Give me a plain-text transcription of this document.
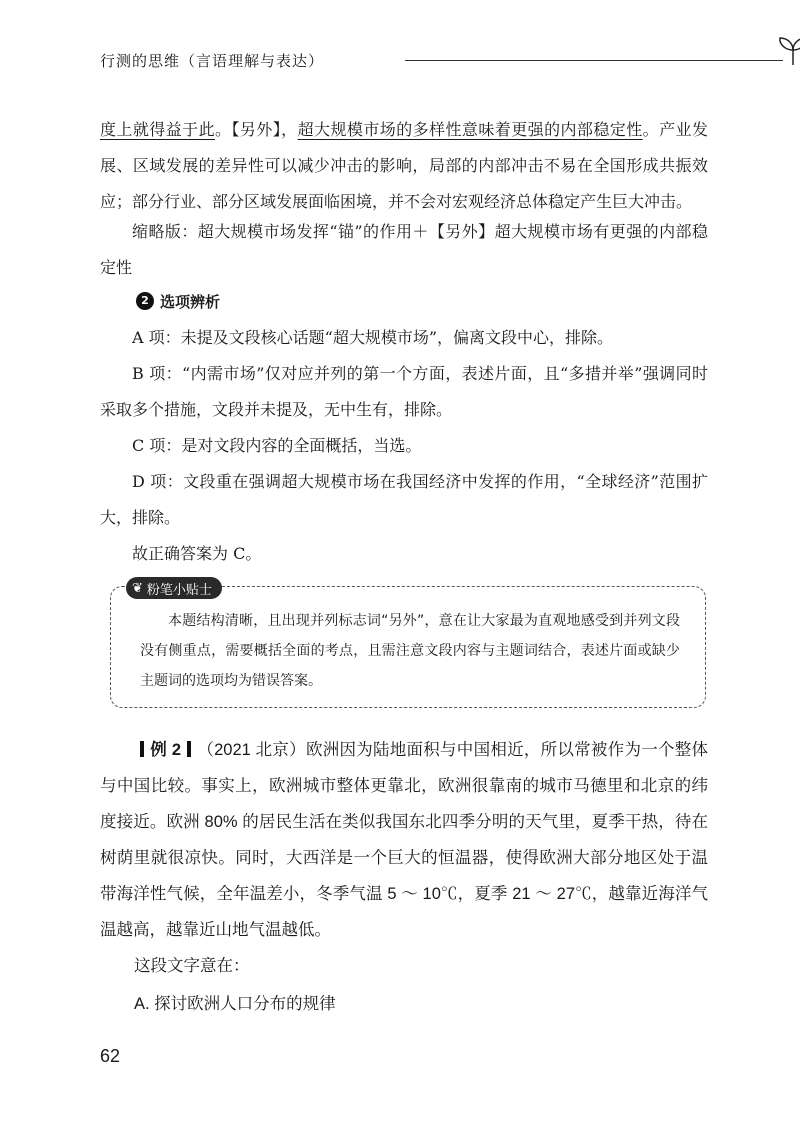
行测的思维（言语理解与表达）
度上就得益于此。【另外】，超大规模市场的多样性意味着更强的内部稳定性。产业发展、区域发展的差异性可以减少冲击的影响，局部的内部冲击不易在全国形成共振效应；部分行业、部分区域发展面临困境，并不会对宏观经济总体稳定产生巨大冲击。
缩略版：超大规模市场发挥“锚”的作用＋【另外】超大规模市场有更强的内部稳定性
2 选项辨析
A 项：未提及文段核心话题“超大规模市场”，偏离文段中心，排除。
B 项：“内需市场”仅对应并列的第一个方面，表述片面，且“多措并举”强调同时采取多个措施，文段并未提及，无中生有，排除。
C 项：是对文段内容的全面概括，当选。
D 项：文段重在强调超大规模市场在我国经济中发挥的作用，“全球经济”范围扩大，排除。
故正确答案为 C。
❦ 粉笔小贴士
本题结构清晰，且出现并列标志词“另外”，意在让大家最为直观地感受到并列文段没有侧重点，需要概括全面的考点，且需注意文段内容与主题词结合，表述片面或缺少主题词的选项均为错误答案。
例 2 （2021 北京）欧洲因为陆地面积与中国相近，所以常被作为一个整体与中国比较。事实上，欧洲城市整体更靠北，欧洲很靠南的城市马德里和北京的纬度接近。欧洲 80% 的居民生活在类似我国东北四季分明的天气里，夏季干热，待在树荫里就很凉快。同时，大西洋是一个巨大的恒温器，使得欧洲大部分地区处于温带海洋性气候，全年温差小，冬季气温 5 ～ 10℃，夏季 21 ～ 27℃，越靠近海洋气温越高，越靠近山地气温越低。
这段文字意在：
A. 探讨欧洲人口分布的规律
62
